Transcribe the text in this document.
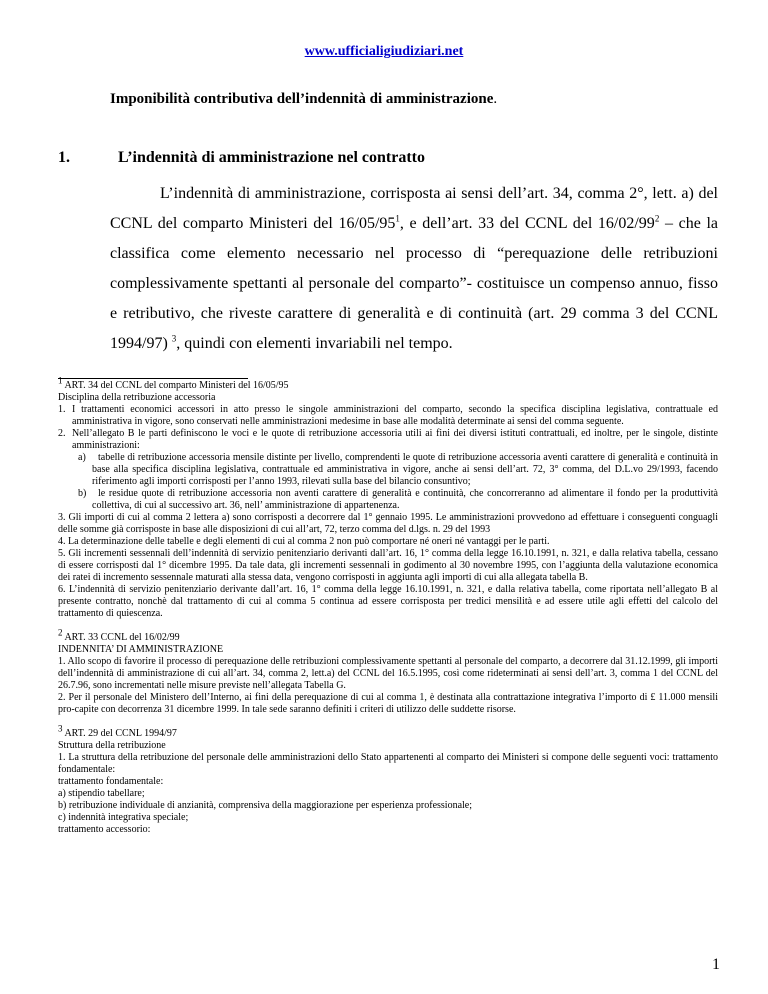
www.ufficialigiudiziari.net
Imponibilità contributiva dell’indennità di amministrazione.
1.	L’indennità di amministrazione nel contratto
L’indennità di amministrazione, corrisposta ai sensi dell’art. 34, comma 2°, lett. a) del CCNL del comparto Ministeri del $16/05/95^1$, e dell’art. 33 del CCNL del $16/02/99^2$ – che la classifica come elemento necessario nel processo di “perequazione delle retribuzioni complessivamente spettanti al personale del comparto”- costituisce un compenso annuo, fisso e retributivo, che riveste carattere di generalità e di continuità (art. 29 comma 3 del CCNL 1994/97) $^3$, quindi con elementi invariabili nel tempo.

$^1$ ART. 34 del CCNL del comparto Ministeri del 16/05/95

Disciplina della retribuzione accessoria

1. I trattamenti economici accessori in atto presso le singole amministrazioni del comparto, secondo la specifica disciplina legislativa, contrattuale ed amministrativa in vigore, sono conservati nelle amministrazioni medesime in base alle modalità determinate ai sensi del comma seguente.

2. Nell’allegato B le parti definiscono le voci e le quote di retribuzione accessoria utili ai fini dei diversi istituti contrattuali, ed inoltre, per le singole, distinte amministrazioni:

a) tabelle di retribuzione accessoria mensile distinte per livello, comprendenti le quote di retribuzione accessoria aventi carattere di generalità e continuità in base alla specifica disciplina legislativa, contrattuale ed amministrativa in vigore, anche ai sensi dell’art. 72, 3° comma, del D.L.vo 29/1993, facendo riferimento agli importi corrisposti per l’anno 1993, rilevati sulla base del bilancio consuntivo;

b) le residue quote di retribuzione accessoria non aventi carattere di generalità e continuità, che concorreranno ad alimentare il fondo per la produttività collettiva, di cui al successivo art. 36, nell’ amministrazione di appartenenza.

3. Gli importi di cui al comma 2 lettera a) sono corrisposti a decorrere dal 1° gennaio 1995. Le amministrazioni provvedono ad effettuare i conseguenti conguagli delle somme già corrisposte in base alle disposizioni di cui all’art, 72, terzo comma del d.lgs. n. 29 del 1993

4. La determinazione delle tabelle e degli elementi di cui al comma 2 non può comportare né oneri né vantaggi per le parti.

5. Gli incrementi sessennali dell’indennità di servizio penitenziario derivanti dall’art. 16, 1° comma della legge 16.10.1991, n. 321, e dalla relativa tabella, cessano di essere corrisposti dal 1° dicembre 1995. Da tale data, gli incrementi sessennali in godimento al 30 novembre 1995, con l’aggiunta della valutazione economica dei ratei di incremento sessennale maturati alla stessa data, vengono corrisposti in aggiunta agli importi di cui alla allegata tabella B.

6. L’indennità di servizio penitenziario derivante dall’art. 16, 1° comma della legge 16.10.1991, n. 321, e dalla relativa tabella, come riportata nell’allegato B al presente contratto, nonchè dal trattamento di cui al comma 5 continua ad essere corrisposta per tredici mensilità e ad essere utile agli effetti del calcolo del trattamento di quiescenza.

$^2$ ART. 33 CCNL del 16/02/99

INDENNITA’ DI AMMINISTRAZIONE

1. Allo scopo di favorire il processo di perequazione delle retribuzioni complessivamente spettanti al personale del comparto, a decorrere dal 31.12.1999, gli importi dell’indennità di amministrazione di cui all’art. 34, comma 2, lett.a) del CCNL del 16.5.1995, così come rideterminati ai sensi dell’art. 3, comma 1 del CCNL del 26.7.96, sono incrementati nelle misure previste nell’allegata Tabella G.

2. Per il personale del Ministero dell’Interno, ai fini della perequazione di cui al comma 1, è destinata alla contrattazione integrativa l’importo di £ 11.000 mensili pro-capite con decorrenza 31 dicembre 1999. In tale sede saranno definiti i criteri di utilizzo delle suddette risorse.

$^3$ ART. 29 del CCNL 1994/97

Struttura della retribuzione

1. La struttura della retribuzione del personale delle amministrazioni dello Stato appartenenti al comparto dei Ministeri si compone delle seguenti voci: trattamento fondamentale:

trattamento fondamentale:

a) stipendio tabellare;

b) retribuzione individuale di anzianità, comprensiva della maggiorazione per esperienza professionale;

c) indennità integrativa speciale;

trattamento accessorio:

1
